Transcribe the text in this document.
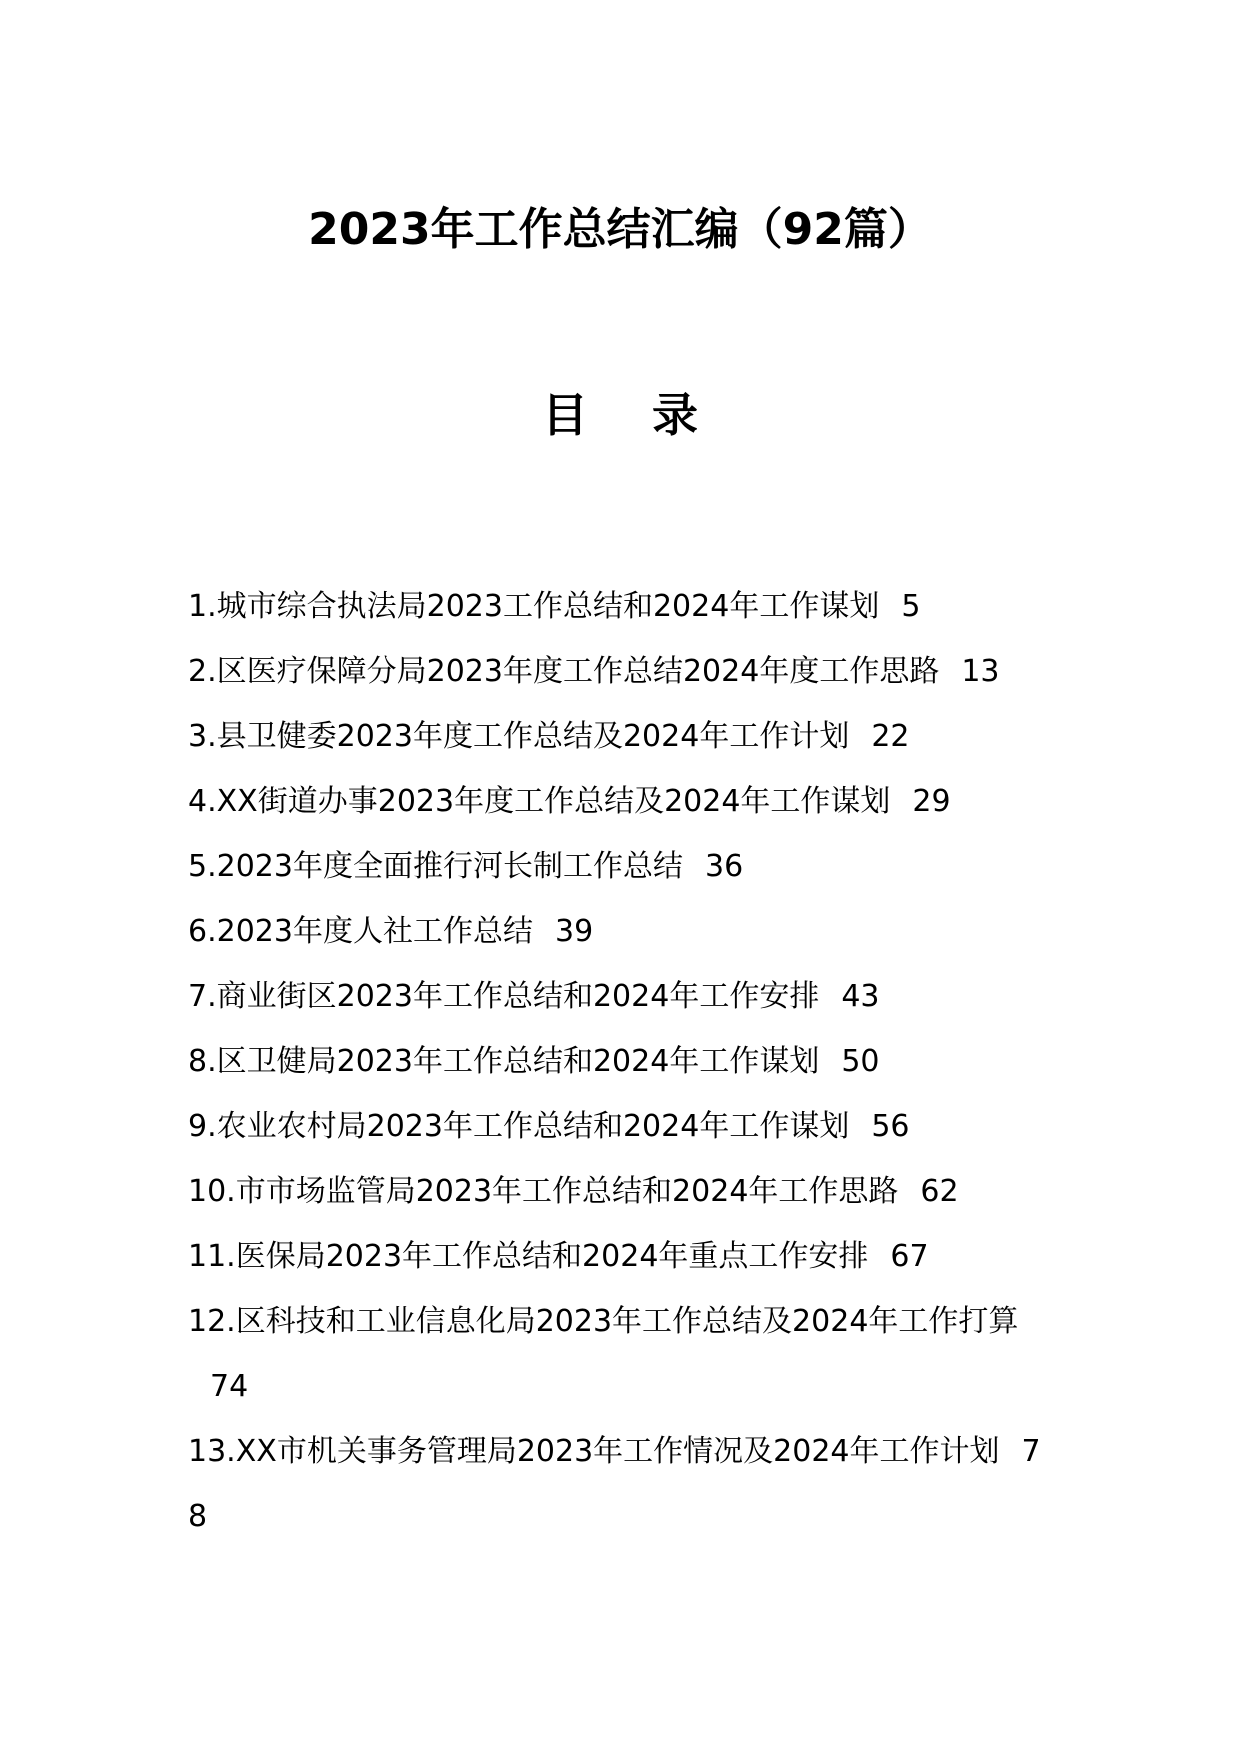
2023年工作总结汇编（92篇）
目 录
1.城市综合执法局2023工作总结和2024年工作谋划 5
2.区医疗保障分局2023年度工作总结2024年度工作思路 13
3.县卫健委2023年度工作总结及2024年工作计划 22
4.XX街道办事2023年度工作总结及2024年工作谋划 29
5.2023年度全面推行河长制工作总结 36
6.2023年度人社工作总结 39
7.商业街区2023年工作总结和2024年工作安排 43
8.区卫健局2023年工作总结和2024年工作谋划 50
9.农业农村局2023年工作总结和2024年工作谋划 56
10.市市场监管局2023年工作总结和2024年工作思路 62
11.医保局2023年工作总结和2024年重点工作安排 67
12.区科技和工业信息化局2023年工作总结及2024年工作打算74
13.XX市机关事务管理局2023年工作情况及2024年工作计划 78
